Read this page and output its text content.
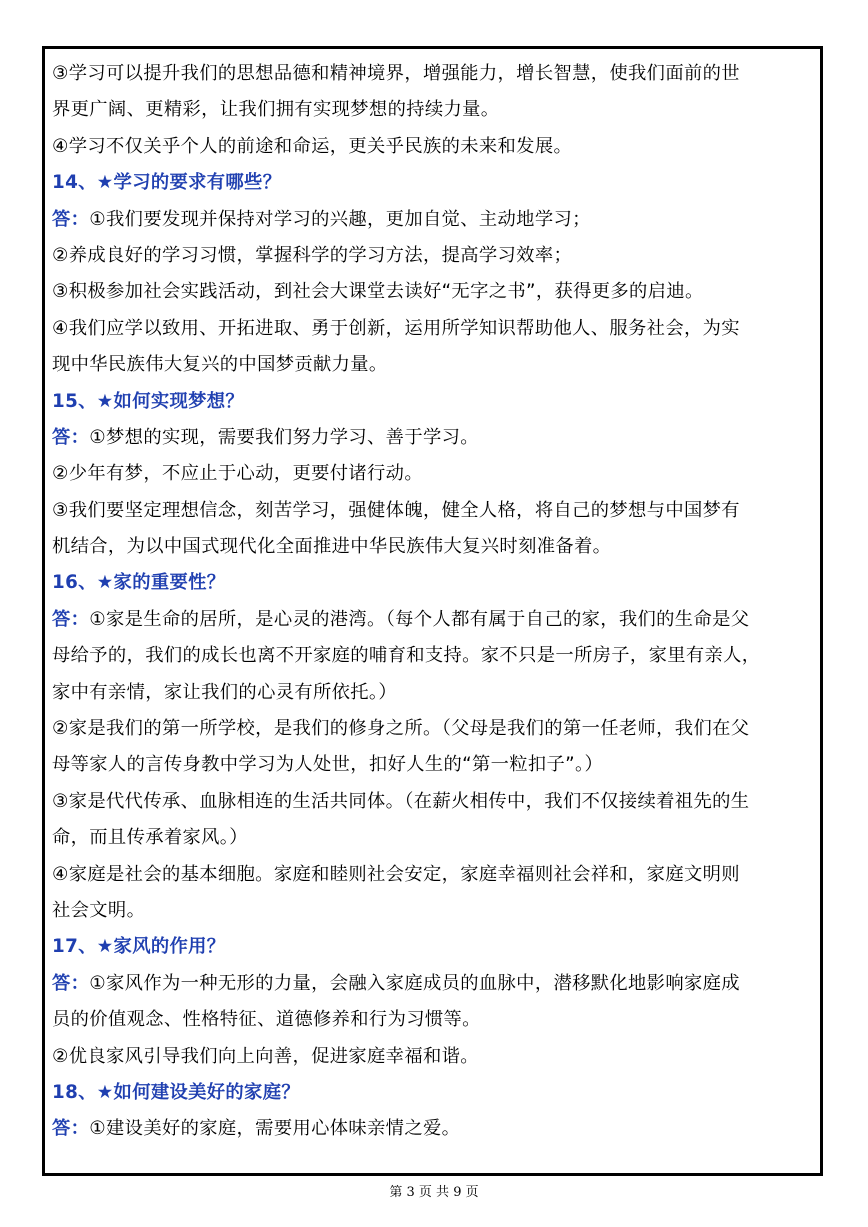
③学习可以提升我们的思想品德和精神境界，增强能力，增长智慧，使我们面前的世
界更广阔、更精彩，让我们拥有实现梦想的持续力量。
④学习不仅关乎个人的前途和命运，更关乎民族的未来和发展。
14、★学习的要求有哪些？
答：①我们要发现并保持对学习的兴趣，更加自觉、主动地学习；
②养成良好的学习习惯，掌握科学的学习方法，提高学习效率；
③积极参加社会实践活动，到社会大课堂去读好“无字之书”，获得更多的启迪。
④我们应学以致用、开拓进取、勇于创新，运用所学知识帮助他人、服务社会，为实
现中华民族伟大复兴的中国梦贡献力量。
15、★如何实现梦想？
答：①梦想的实现，需要我们努力学习、善于学习。
②少年有梦，不应止于心动，更要付诸行动。
③我们要坚定理想信念，刻苦学习，强健体魄，健全人格，将自己的梦想与中国梦有
机结合，为以中国式现代化全面推进中华民族伟大复兴时刻准备着。
16、★家的重要性？
答：①家是生命的居所，是心灵的港湾。（每个人都有属于自己的家，我们的生命是父
母给予的，我们的成长也离不开家庭的哺育和支持。家不只是一所房子，家里有亲人，
家中有亲情，家让我们的心灵有所依托。）
②家是我们的第一所学校，是我们的修身之所。（父母是我们的第一任老师，我们在父
母等家人的言传身教中学习为人处世，扣好人生的“第一粒扣子”。）
③家是代代传承、血脉相连的生活共同体。（在薪火相传中，我们不仅接续着祖先的生
命，而且传承着家风。）
④家庭是社会的基本细胞。家庭和睦则社会安定，家庭幸福则社会祥和，家庭文明则
社会文明。
17、★家风的作用？
答：①家风作为一种无形的力量，会融入家庭成员的血脉中，潜移默化地影响家庭成
员的价值观念、性格特征、道德修养和行为习惯等。
②优良家风引导我们向上向善，促进家庭幸福和谐。
18、★如何建设美好的家庭？
答：①建设美好的家庭，需要用心体味亲情之爱。
第 3 页 共 9 页
